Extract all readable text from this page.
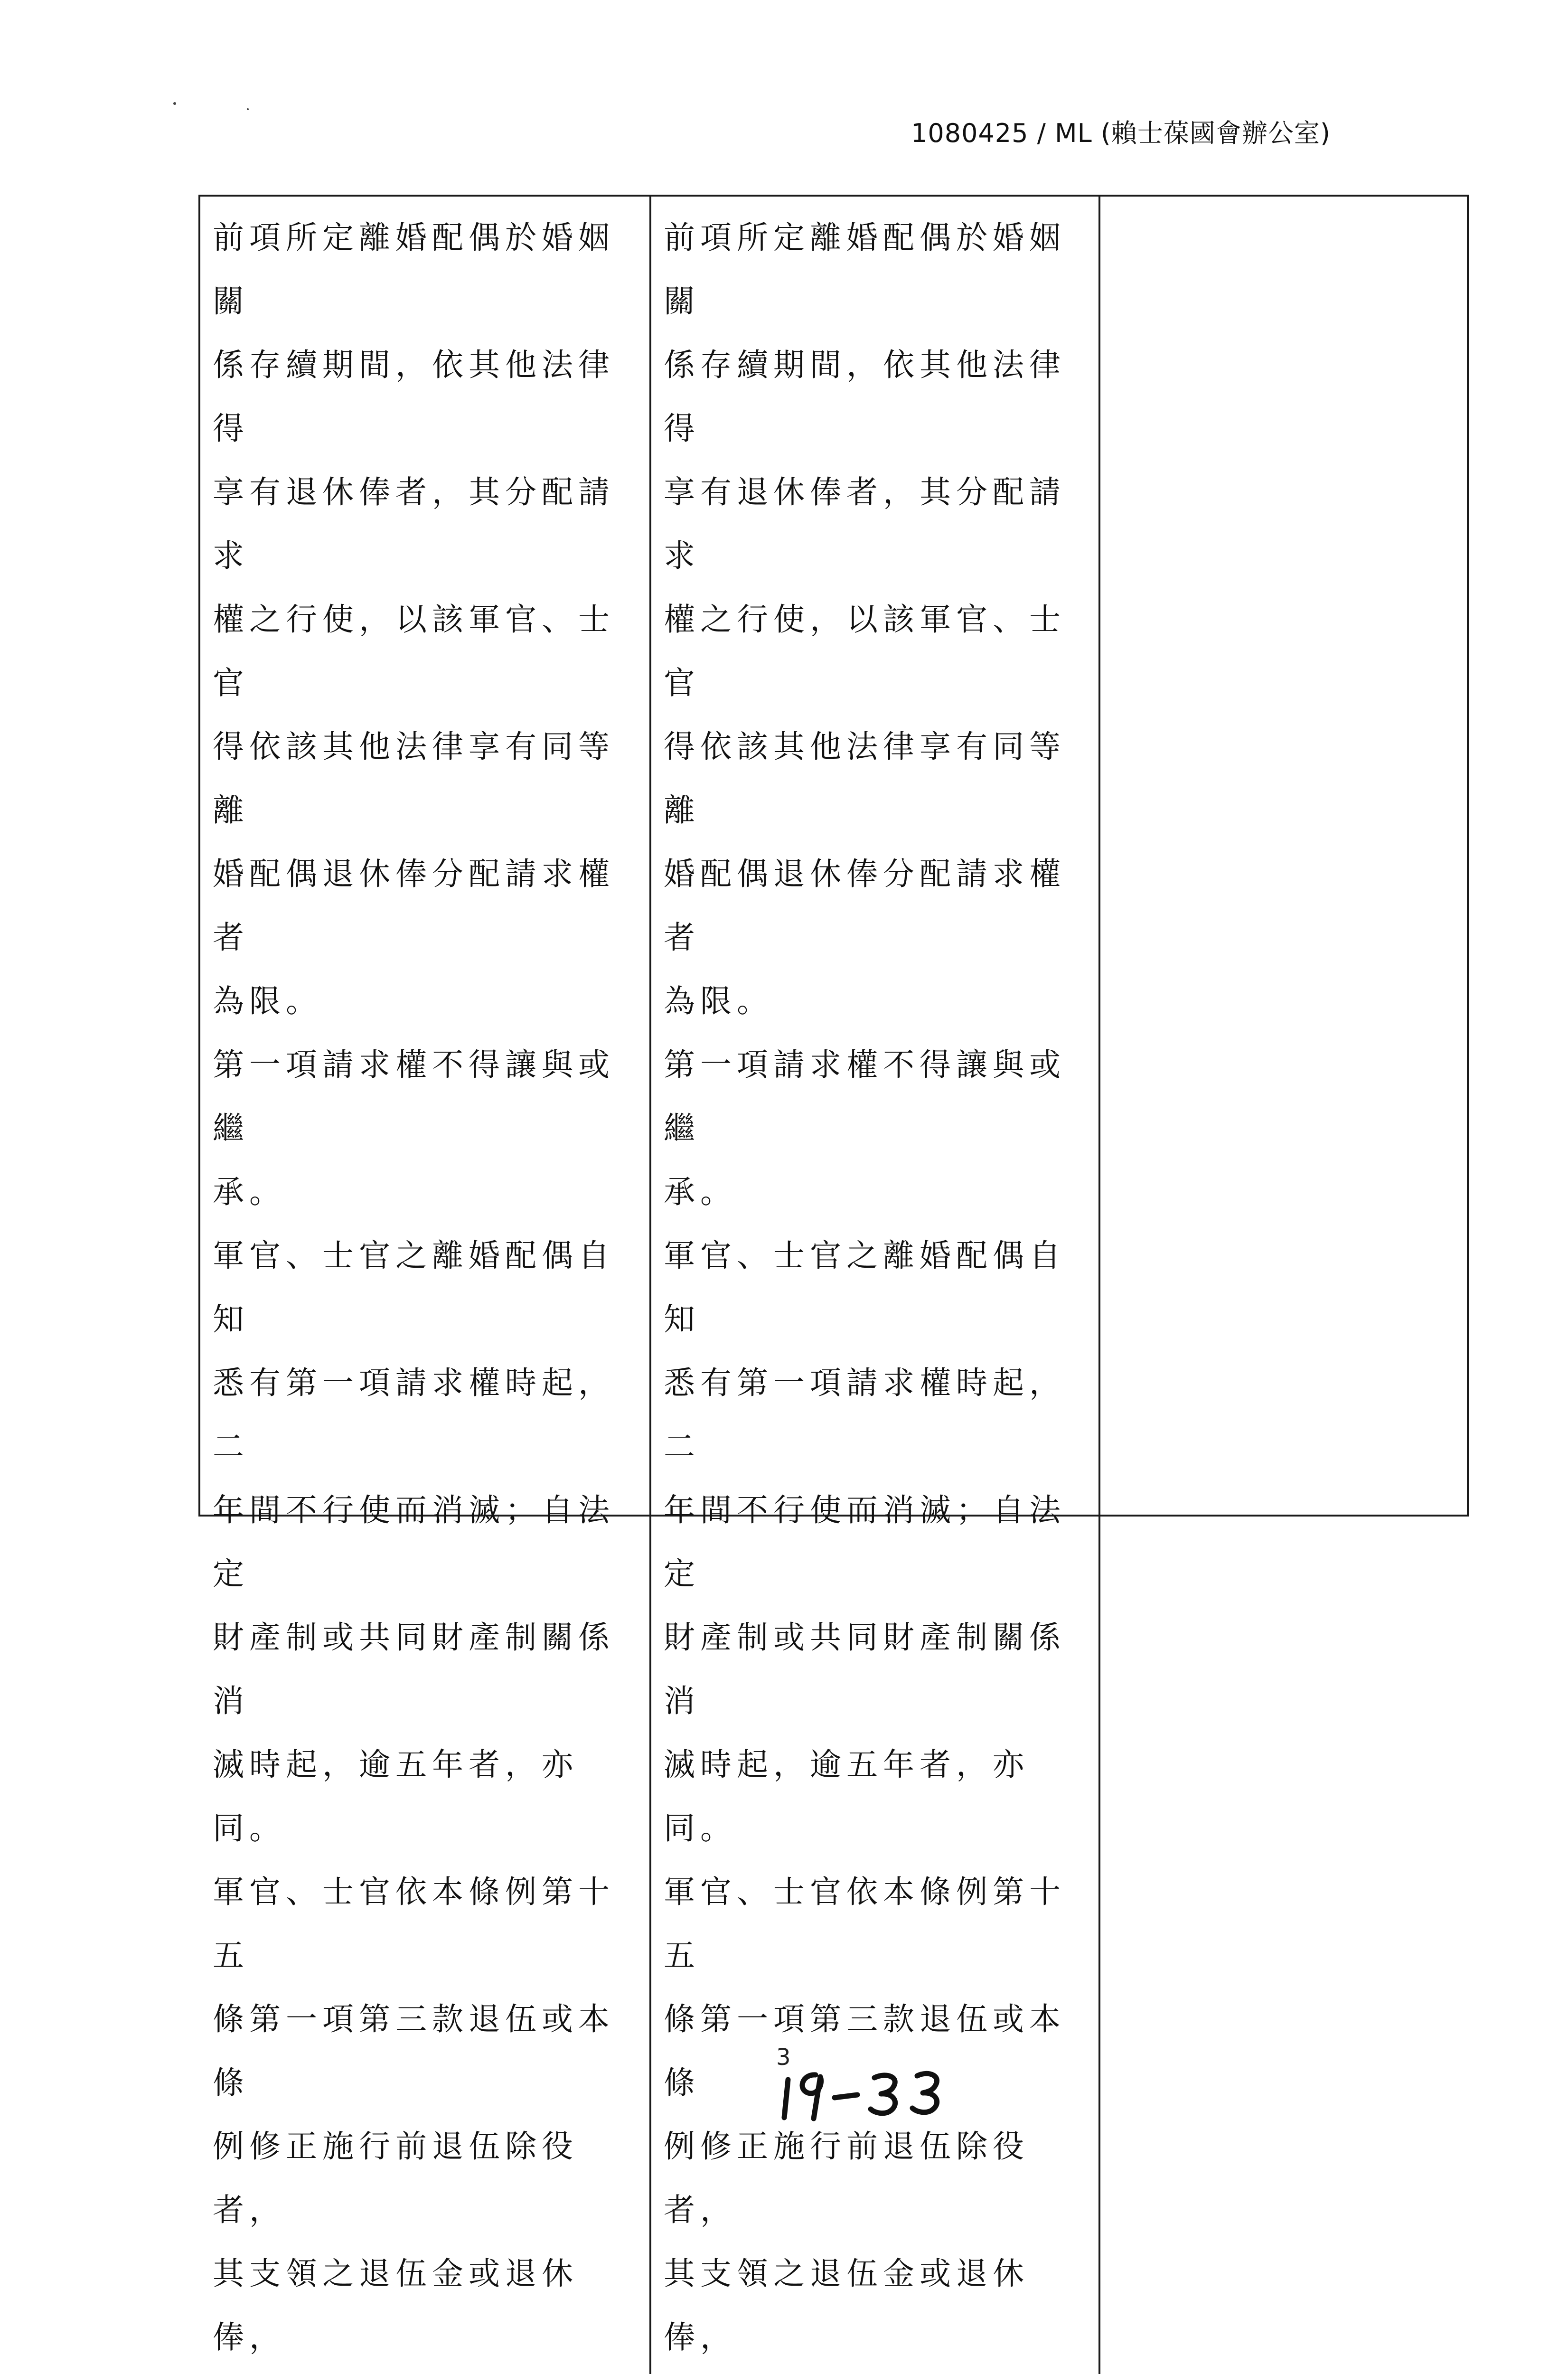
1080425 / ML (賴士葆國會辦公室)

前項所定離婚配偶於婚姻關

係存續期間，依其他法律得

享有退休俸者，其分配請求

權之行使，以該軍官、士官

得依該其他法律享有同等離

婚配偶退休俸分配請求權者

為限。

第一項請求權不得讓與或繼

承。

軍官、士官之離婚配偶自知

悉有第一項請求權時起，二

年間不行使而消滅；自法定

財產制或共同財產制關係消

滅時起，逾五年者，亦同。

軍官、士官依本條例第十五

條第一項第三款退伍或本條

例修正施行前退伍除役者，

其支領之退伍金或退休俸，

前項所定離婚配偶於婚姻關

係存續期間，依其他法律得

享有退休俸者，其分配請求

權之行使，以該軍官、士官

得依該其他法律享有同等離

婚配偶退休俸分配請求權者

為限。

第一項請求權不得讓與或繼

承。

軍官、士官之離婚配偶自知

悉有第一項請求權時起，二

年間不行使而消滅；自法定

財產制或共同財產制關係消

滅時起，逾五年者，亦同。

軍官、士官依本條例第十五

條第一項第三款退伍或本條

例修正施行前退伍除役者，

其支領之退伍金或退休俸，

3
